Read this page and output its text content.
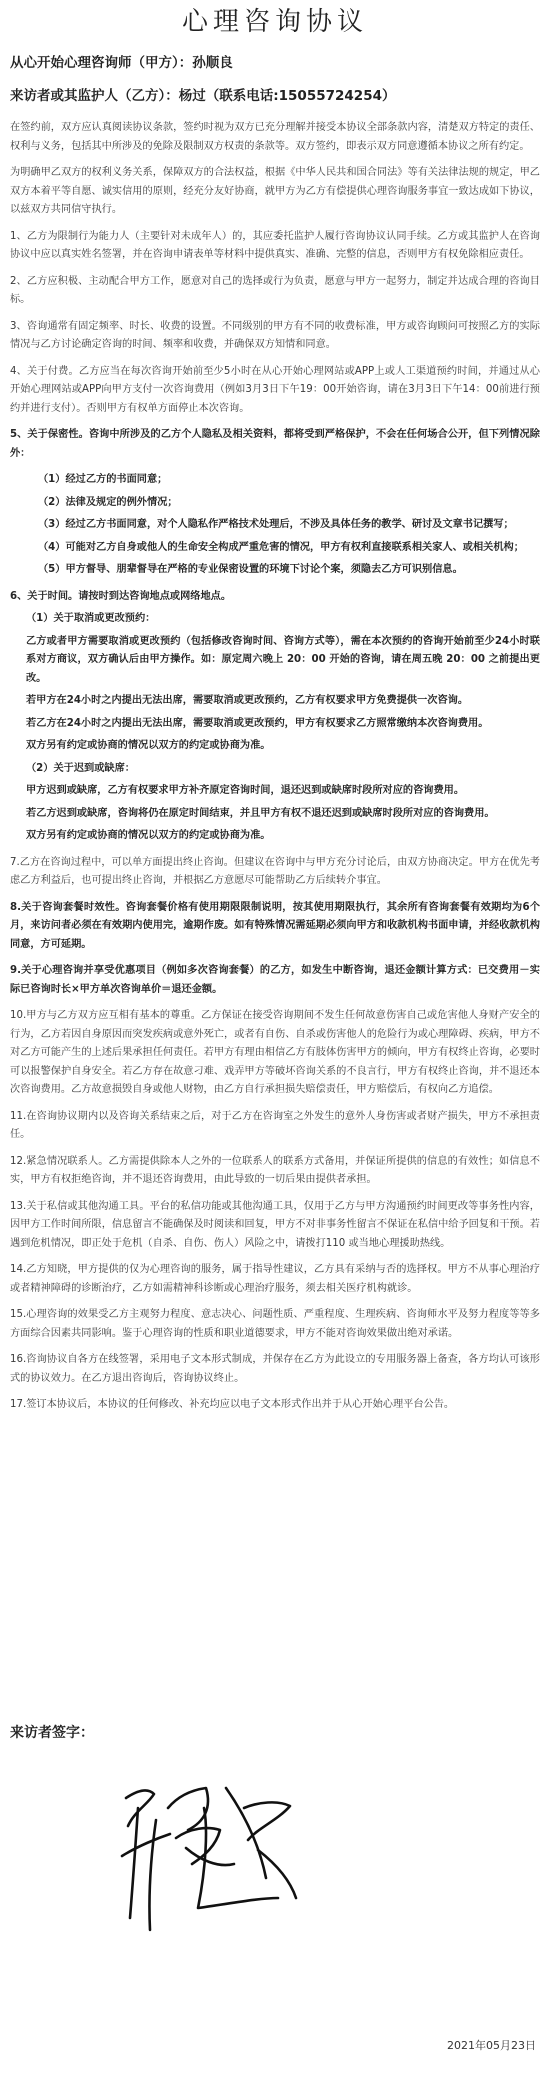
心理咨询协议
从心开始心理咨询师（甲方）：孙顺良
来访者或其监护人（乙方）：杨过（联系电话:15055724254）
在签约前，双方应认真阅读协议条款，签约时视为双方已充分理解并接受本协议全部条款内容，清楚双方特定的责任、权利与义务，包括其中所涉及的免除及限制双方权责的条款等。双方签约，即表示双方同意遵循本协议之所有约定。
为明确甲乙双方的权利义务关系，保障双方的合法权益，根据《中华人民共和国合同法》等有关法律法规的规定，甲乙双方本着平等自愿、诚实信用的原则，经充分友好协商，就甲方为乙方有偿提供心理咨询服务事宜一致达成如下协议，以兹双方共同信守执行。
1、乙方为限制行为能力人（主要针对未成年人）的，其应委托监护人履行咨询协议认同手续。乙方或其监护人在咨询协议中应以真实姓名签署，并在咨询申请表单等材料中提供真实、准确、完整的信息，否则甲方有权免除相应责任。
2、乙方应积极、主动配合甲方工作，愿意对自己的选择或行为负责，愿意与甲方一起努力，制定并达成合理的咨询目标。
3、咨询通常有固定频率、时长、收费的设置。不同级别的甲方有不同的收费标准，甲方或咨询顾问可按照乙方的实际情况与乙方讨论确定咨询的时间、频率和收费，并确保双方知情和同意。
4、关于付费。乙方应当在每次咨询开始前至少5小时在从心开始心理网站或APP上或人工渠道预约时间，并通过从心开始心理网站或APP向甲方支付一次咨询费用（例如3月3日下午19：00开始咨询，请在3月3日下午14：00前进行预约并进行支付）。否则甲方有权单方面停止本次咨询。
5、关于保密性。咨询中所涉及的乙方个人隐私及相关资料，都将受到严格保护，不会在任何场合公开，但下列情况除外：
（1）经过乙方的书面同意；
（2）法律及规定的例外情况；
（3）经过乙方书面同意，对个人隐私作严格技术处理后，不涉及具体任务的教学、研讨及文章书记撰写；
（4）可能对乙方自身或他人的生命安全构成严重危害的情况，甲方有权利直接联系相关家人、或相关机构；
（5）甲方督导、朋辈督导在严格的专业保密设置的环境下讨论个案，须隐去乙方可识别信息。
6、关于时间。请按时到达咨询地点或网络地点。
（1）关于取消或更改预约：
乙方或者甲方需要取消或更改预约（包括修改咨询时间、咨询方式等），需在本次预约的咨询开始前至少24小时联系对方商议，双方确认后由甲方操作。如：原定周六晚上 20：00 开始的咨询，请在周五晚 20：00 之前提出更改。
若甲方在24小时之内提出无法出席，需要取消或更改预约，乙方有权要求甲方免费提供一次咨询。
若乙方在24小时之内提出无法出席，需要取消或更改预约，甲方有权要求乙方照常缴纳本次咨询费用。
双方另有约定或协商的情况以双方的约定或协商为准。
（2）关于迟到或缺席：
甲方迟到或缺席，乙方有权要求甲方补齐原定咨询时间，退还迟到或缺席时段所对应的咨询费用。
若乙方迟到或缺席，咨询将仍在原定时间结束，并且甲方有权不退还迟到或缺席时段所对应的咨询费用。
双方另有约定或协商的情况以双方的约定或协商为准。
7.乙方在咨询过程中，可以单方面提出终止咨询。但建议在咨询中与甲方充分讨论后，由双方协商决定。甲方在优先考虑乙方利益后，也可提出终止咨询，并根据乙方意愿尽可能帮助乙方后续转介事宜。
8.关于咨询套餐时效性。咨询套餐价格有使用期限限制说明，按其使用期限执行，其余所有咨询套餐有效期均为6个月，来访问者必须在有效期内使用完，逾期作废。如有特殊情况需延期必须向甲方和收款机构书面申请，并经收款机构同意，方可延期。
9.关于心理咨询并享受优惠项目（例如多次咨询套餐）的乙方，如发生中断咨询，退还金额计算方式：已交费用－实际已咨询时长×甲方单次咨询单价＝退还金额。
10.甲方与乙方双方应互相有基本的尊重。乙方保证在接受咨询期间不发生任何故意伤害自己或危害他人身财产安全的行为，乙方若因自身原因而突发疾病或意外死亡，或者有自伤、自杀或伤害他人的危险行为或心理障碍、疾病，甲方不对乙方可能产生的上述后果承担任何责任。若甲方有理由相信乙方有肢体伤害甲方的倾向，甲方有权终止咨询，必要时可以报警保护自身安全。若乙方存在故意刁难、戏弄甲方等破坏咨询关系的不良言行，甲方有权终止咨询，并不退还本次咨询费用。乙方故意损毁自身或他人财物，由乙方自行承担损失赔偿责任，甲方赔偿后，有权向乙方追偿。
11.在咨询协议期内以及咨询关系结束之后，对于乙方在咨询室之外发生的意外人身伤害或者财产损失，甲方不承担责任。
12.紧急情况联系人。乙方需提供除本人之外的一位联系人的联系方式备用，并保证所提供的信息的有效性；如信息不实，甲方有权拒绝咨询，并不退还咨询费用，由此导致的一切后果由提供者承担。
13.关于私信或其他沟通工具。平台的私信功能或其他沟通工具，仅用于乙方与甲方沟通预约时间更改等事务性内容，因甲方工作时间所限，信息留言不能确保及时阅读和回复，甲方不对非事务性留言不保证在私信中给予回复和干预。若遇到危机情况，即正处于危机（自杀、自伤、伤人）风险之中，请拨打110 或当地心理援助热线。
14.乙方知晓，甲方提供的仅为心理咨询的服务，属于指导性建议，乙方具有采纳与否的选择权。甲方不从事心理治疗或者精神障碍的诊断治疗，乙方如需精神科诊断或心理治疗服务，须去相关医疗机构就诊。
15.心理咨询的效果受乙方主观努力程度、意志决心、问题性质、严重程度、生理疾病、咨询师水平及努力程度等等多方面综合因素共同影响。鉴于心理咨询的性质和职业道德要求，甲方不能对咨询效果做出绝对承诺。
16.咨询协议自各方在线签署，采用电子文本形式制成，并保存在乙方为此设立的专用服务器上备查，各方均认可该形式的协议效力。在乙方退出咨询后，咨询协议终止。
17.签订本协议后，本协议的任何修改、补充均应以电子文本形式作出并于从心开始心理平台公告。
来访者签字：
2021年05月23日
